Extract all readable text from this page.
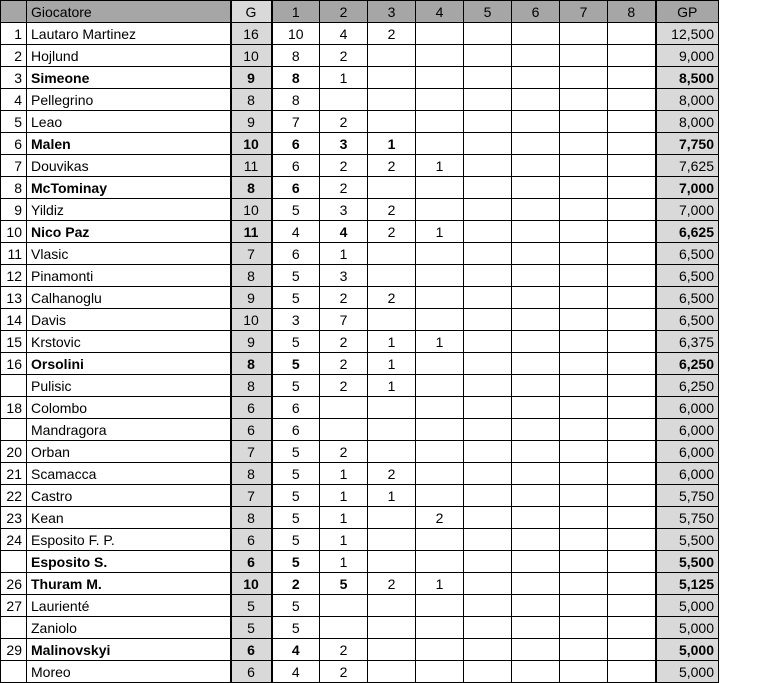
	Giocatore	G	1	2	3	4	5	6	7	8	GP
1	Lautaro Martinez	16	10	4	2						12,500
2	Hojlund	10	8	2							9,000
3	Simeone	9	8	1							8,500
4	Pellegrino	8	8								8,000
5	Leao	9	7	2							8,000
6	Malen	10	6	3	1						7,750
7	Douvikas	11	6	2	2	1					7,625
8	McTominay	8	6	2							7,000
9	Yildiz	10	5	3	2						7,000
10	Nico Paz	11	4	4	2	1					6,625
11	Vlasic	7	6	1							6,500
12	Pinamonti	8	5	3							6,500
13	Calhanoglu	9	5	2	2						6,500
14	Davis	10	3	7							6,500
15	Krstovic	9	5	2	1	1					6,375
16	Orsolini	8	5	2	1						6,250
	Pulisic	8	5	2	1						6,250
18	Colombo	6	6								6,000
	Mandragora	6	6								6,000
20	Orban	7	5	2							6,000
21	Scamacca	8	5	1	2						6,000
22	Castro	7	5	1	1						5,750
23	Kean	8	5	1		2					5,750
24	Esposito F. P.	6	5	1							5,500
	Esposito S.	6	5	1							5,500
26	Thuram M.	10	2	5	2	1					5,125
27	Laurienté	5	5								5,000
	Zaniolo	5	5								5,000
29	Malinovskyi	6	4	2							5,000
	Moreo	6	4	2							5,000
